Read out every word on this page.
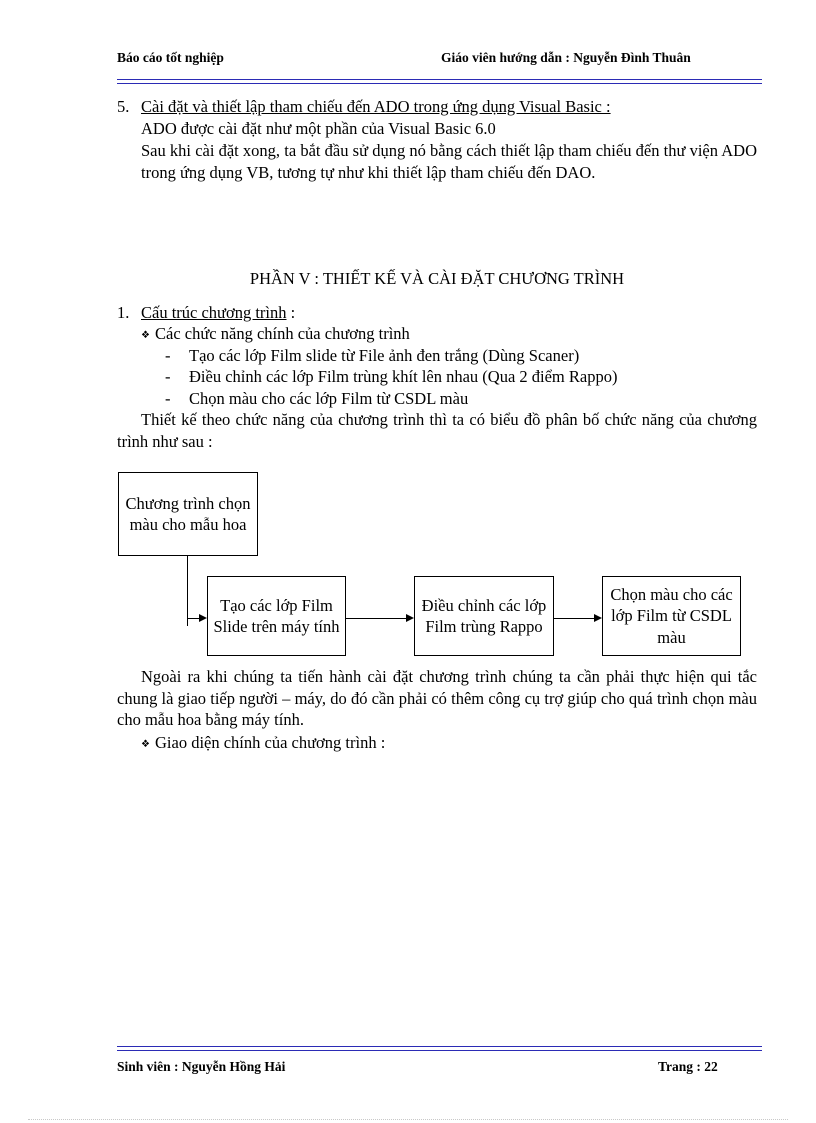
Báo cáo tốt nghiệp	Giáo viên hướng dẫn : Nguyễn Đình Thuân
5. Cài đặt và thiết lập tham chiếu đến ADO trong ứng dụng Visual Basic :
ADO được cài đặt như một phần của Visual Basic 6.0
Sau khi cài đặt xong, ta bắt đầu sử dụng nó bằng cách thiết lập tham chiếu đến thư viện ADO trong ứng dụng VB, tương tự như khi thiết lập tham chiếu đến DAO.
PHẦN V : THIẾT KẾ VÀ CÀI ĐẶT CHƯƠNG TRÌNH
1. Cấu trúc chương trình :
❖ Các chức năng chính của chương trình
- Tạo các lớp Film slide từ File ảnh đen trắng (Dùng Scaner)
- Điều chỉnh các lớp Film trùng khít lên nhau (Qua 2 điểm Rappo)
- Chọn màu cho các lớp Film từ CSDL màu
Thiết kế theo chức năng của chương trình thì ta có biểu đồ phân bố chức năng của chương trình như sau :
Chương trình chọn màu cho mẫu hoa
Tạo các lớp Film Slide trên máy tính
Điều chỉnh các lớp Film trùng Rappo
Chọn màu cho các lớp Film từ CSDL màu
Ngoài ra khi chúng ta tiến hành cài đặt chương trình chúng ta cần phải thực hiện qui tắc chung là giao tiếp người – máy, do đó cần phải có thêm công cụ trợ giúp cho quá trình chọn màu cho mẫu hoa bằng máy tính.
❖ Giao diện chính của chương trình :
Sinh viên : Nguyễn Hồng Hải	Trang : 22
